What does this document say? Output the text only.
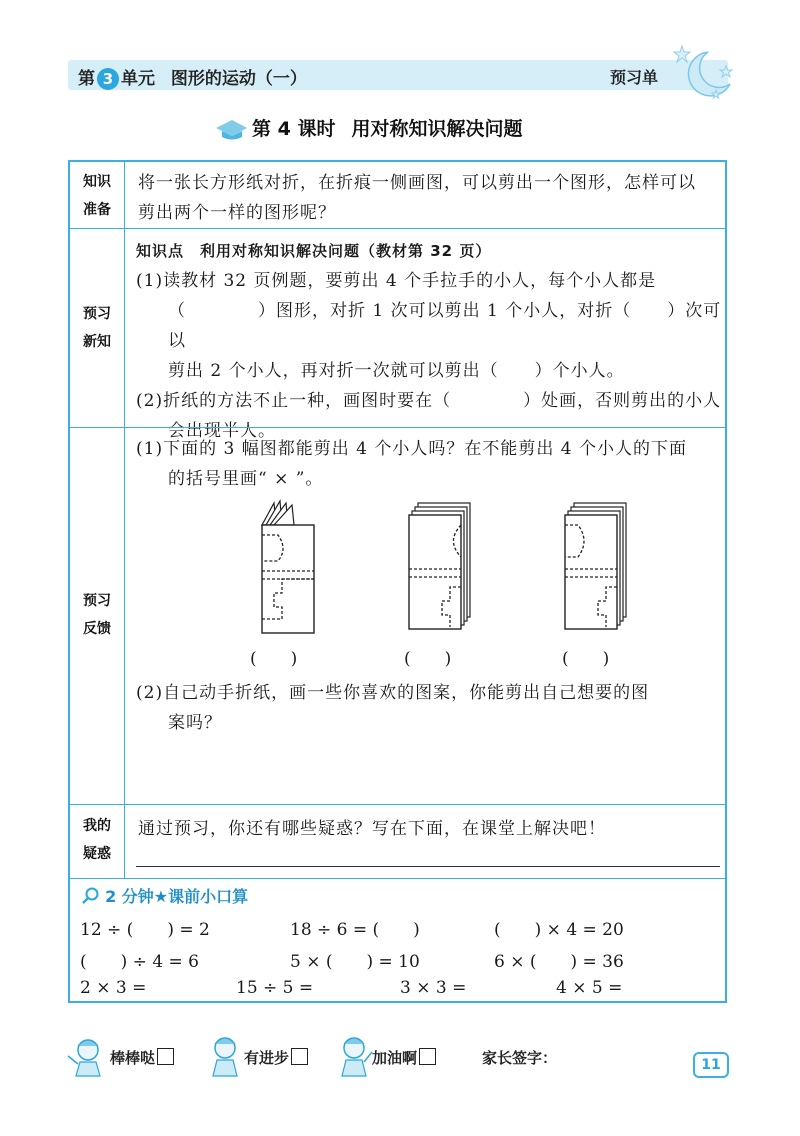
第 3 单元 图形的运动（一）	预习单
第 4 课时 用对称知识解决问题
知识
准备
将一张长方形纸对折，在折痕一侧画图，可以剪出一个图形，怎样可以
剪出两个一样的图形呢？
预习
新知
知识点　利用对称知识解决问题（教材第 32 页）
(1)读教材 32 页例题，要剪出 4 个手拉手的小人，每个小人都是
（　　　　）图形，对折 1 次可以剪出 1 个小人，对折（　　）次可以
剪出 2 个小人，再对折一次就可以剪出（　　）个小人。
(2)折纸的方法不止一种，画图时要在（　　　　）处画，否则剪出的小人
会出现半人。
预习
反馈
(1)下面的 3 幅图都能剪出 4 个小人吗？在不能剪出 4 个小人的下面
的括号里画“ × ”。
(　　)	(　　)	(　　)
(2)自己动手折纸，画一些你喜欢的图案，你能剪出自己想要的图
案吗？
我的
疑惑
通过预习，你还有哪些疑惑？写在下面，在课堂上解决吧！
2 分钟★课前小口算
12 ÷ (　　) = 2	18 ÷ 6 = (　　)	(　　) × 4 = 20
(　　) ÷ 4 = 6	5 × (　　) = 10	6 × (　　) = 36
2 × 3 =	15 ÷ 5 =	3 × 3 =	4 × 5 =
棒棒哒	有进步	加油啊	家长签字：	11
